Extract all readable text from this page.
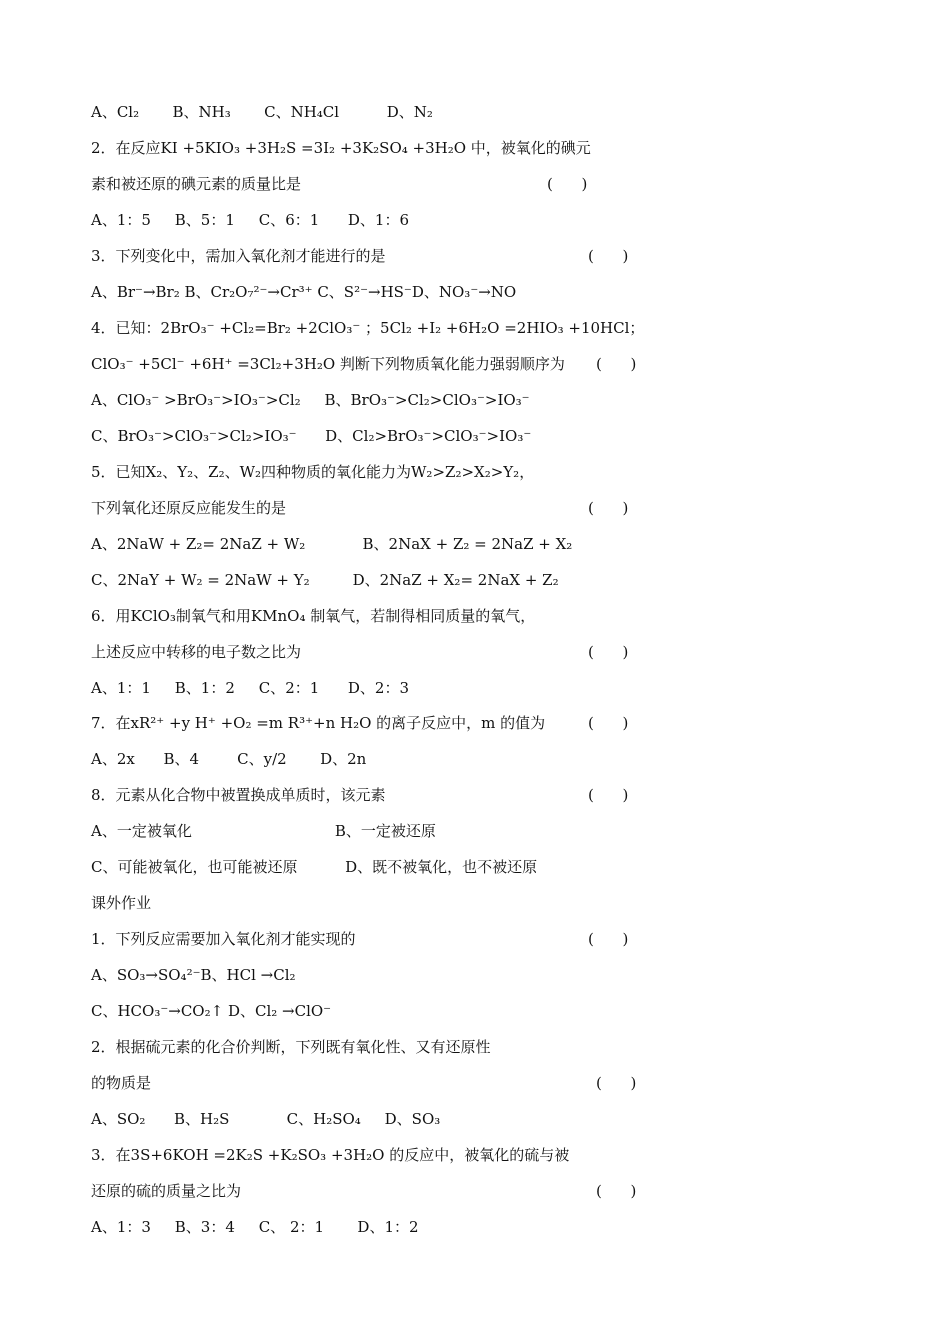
A、Cl₂       B、NH₃       C、NH₄Cl          D、N₂
2．在反应KI +5KIO₃ +3H₂S =3I₂ +3K₂SO₄ +3H₂O 中，被氧化的碘元
素和被还原的碘元素的质量比是	(      )
A、1：5     B、5：1     C、6：1      D、1：6
3．下列变化中，需加入氧化剂才能进行的是	(      )
A、Br⁻→Br₂ B、Cr₂O₇²⁻→Cr³⁺ C、S²⁻→HS⁻D、NO₃⁻→NO
4．已知：2BrO₃⁻ +Cl₂=Br₂ +2ClO₃⁻ ；5Cl₂ +I₂ +6H₂O =2HIO₃ +10HCl；
ClO₃⁻ +5Cl⁻ +6H⁺ =3Cl₂+3H₂O 判断下列物质氧化能力强弱顺序为 (      )
A、ClO₃⁻ >BrO₃⁻>IO₃⁻>Cl₂     B、BrO₃⁻>Cl₂>ClO₃⁻>IO₃⁻
C、BrO₃⁻>ClO₃⁻>Cl₂>IO₃⁻      D、Cl₂>BrO₃⁻>ClO₃⁻>IO₃⁻
5．已知X₂、Y₂、Z₂、W₂四种物质的氧化能力为W₂>Z₂>X₂>Y₂，
下列氧化还原反应能发生的是	(      )
A、2NaW + Z₂= 2NaZ + W₂            B、2NaX + Z₂ = 2NaZ + X₂
C、2NaY + W₂ = 2NaW + Y₂         D、2NaZ + X₂= 2NaX + Z₂
6．用KClO₃制氧气和用KMnO₄ 制氧气，若制得相同质量的氧气，
上述反应中转移的电子数之比为	(      )
A、1：1     B、1：2     C、2：1      D、2：3
7．在xR²⁺ +y H⁺ +O₂ =m R³⁺+n H₂O 的离子反应中，m 的值为	(      )
A、2x      B、4        C、y/2       D、2n
8．元素从化合物中被置换成单质时，该元素	(      )
A、一定被氧化                              B、一定被还原
C、可能被氧化，也可能被还原          D、既不被氧化，也不被还原
课外作业
1．下列反应需要加入氧化剂才能实现的	(      )
A、SO₃→SO₄²⁻B、HCl →Cl₂
C、HCO₃⁻→CO₂↑ D、Cl₂ →ClO⁻
2．根据硫元素的化合价判断，下列既有氧化性、又有还原性
的物质是	(      )
A、SO₂      B、H₂S            C、H₂SO₄     D、SO₃
3．在3S+6KOH =2K₂S +K₂SO₃ +3H₂O 的反应中，被氧化的硫与被
还原的硫的质量之比为	(      )
A、1：3     B、3：4     C、 2：1       D、1：2
